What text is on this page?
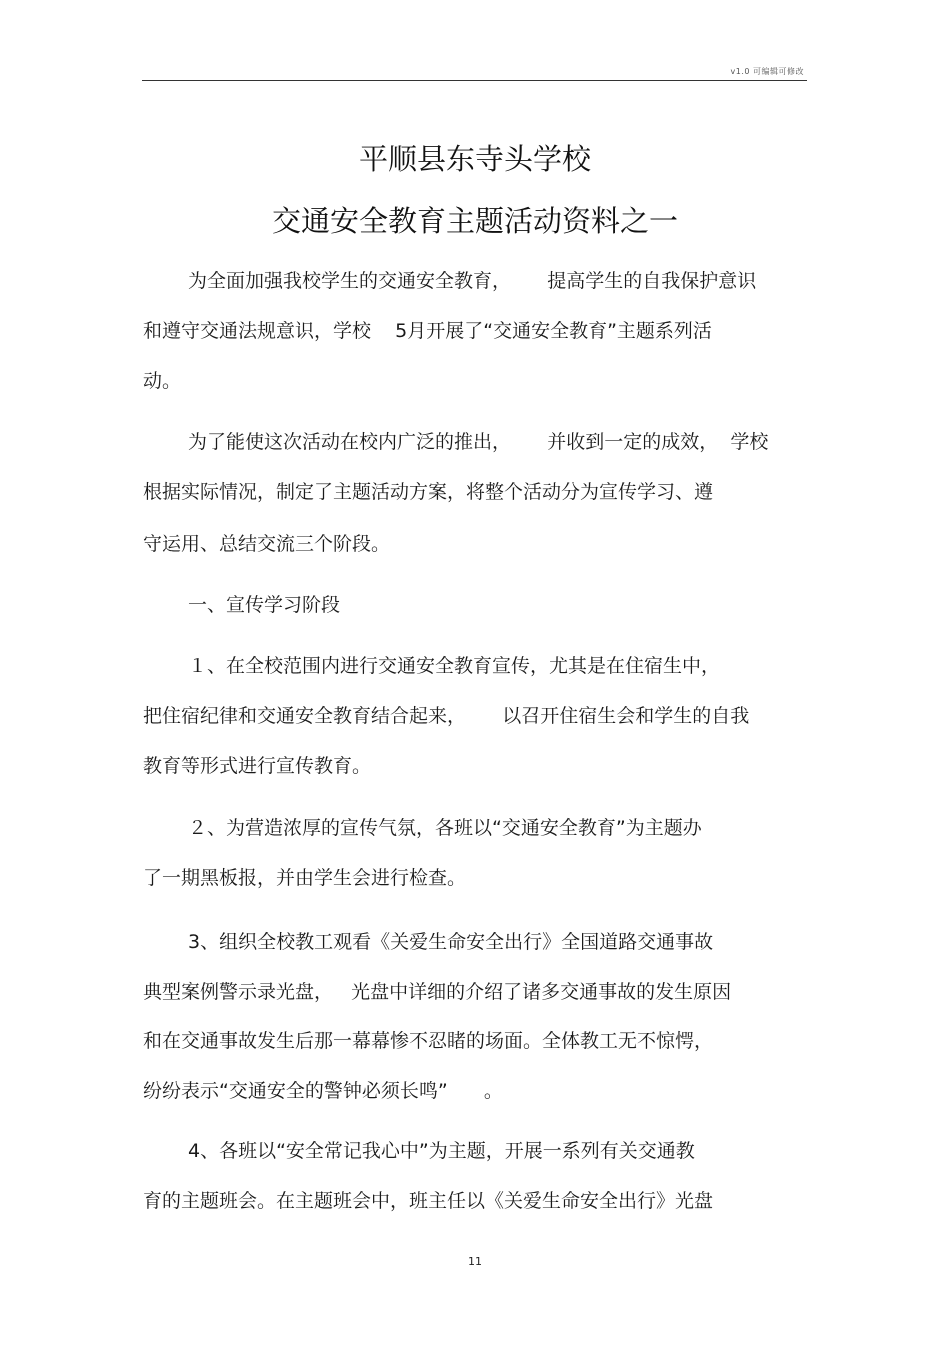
v1.0 可编辑可修改
平顺县东寺头学校
交通安全教育主题活动资料之一
为全面加强我校学生的交通安全教育，      提高学生的自我保护意识
和遵守交通法规意识，学校    5月开展了“交通安全教育”主题系列活
动。
为了能使这次活动在校内广泛的推出，      并收到一定的成效，  学校
根据实际情况，制定了主题活动方案，将整个活动分为宣传学习、遵
守运用、总结交流三个阶段。
一、宣传学习阶段
１、在全校范围内进行交通安全教育宣传，尤其是在住宿生中，
把住宿纪律和交通安全教育结合起来，      以召开住宿生会和学生的自我
教育等形式进行宣传教育。
２、为营造浓厚的宣传气氛，各班以“交通安全教育”为主题办
了一期黑板报，并由学生会进行检查。
3、组织全校教工观看《关爱生命安全出行》全国道路交通事故
典型案例警示录光盘，   光盘中详细的介绍了诸多交通事故的发生原因
和在交通事故发生后那一幕幕惨不忍睹的场面。全体教工无不惊愕，
纷纷表示“交通安全的警钟必须长鸣”      。
4、各班以“安全常记我心中”为主题，开展一系列有关交通教
育的主题班会。在主题班会中，班主任以《关爱生命安全出行》光盘
11
